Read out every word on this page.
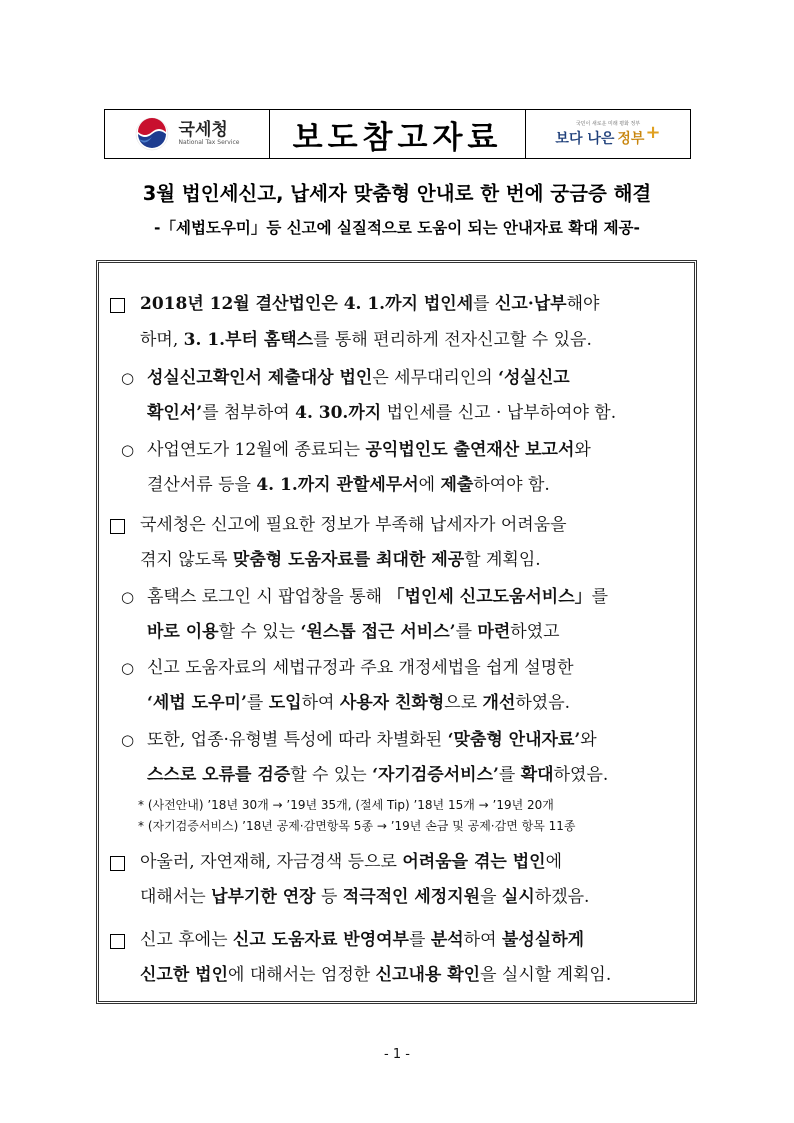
국세청
National Tax Service 보도참고자료	국민이 새로운 미래 평화 정부
보다 나은 정부 +
3월 법인세신고, 납세자 맞춤형 안내로 한 번에 궁금증 해결
-「세법도우미」등 신고에 실질적으로 도움이 되는 안내자료 확대 제공-
2018년 12월 결산법인은 4. 1.까지 법인세를 신고·납부해야
하며, 3. 1.부터 홈택스를 통해 편리하게 전자신고할 수 있음.
○ 성실신고확인서 제출대상 법인은 세무대리인의 ‘성실신고
확인서’를 첨부하여 4. 30.까지 법인세를 신고 · 납부하여야 함.
○ 사업연도가 12월에 종료되는 공익법인도 출연재산 보고서와
결산서류 등을 4. 1.까지 관할세무서에 제출하여야 함.
국세청은 신고에 필요한 정보가 부족해 납세자가 어려움을
겪지 않도록 맞춤형 도움자료를 최대한 제공할 계획임.
○ 홈택스 로그인 시 팝업창을 통해 「법인세 신고도움서비스」를
바로 이용할 수 있는 ‘원스톱 접근 서비스’를 마련하였고
○ 신고 도움자료의 세법규정과 주요 개정세법을 쉽게 설명한
‘세법 도우미’를 도입하여 사용자 친화형으로 개선하였음.
○ 또한, 업종·유형별 특성에 따라 차별화된 ‘맞춤형 안내자료’와
스스로 오류를 검증할 수 있는 ‘자기검증서비스’를 확대하였음.
* (사전안내) ’18년 30개 → ’19년 35개, (절세 Tip) ’18년 15개 → ’19년 20개
* (자기검증서비스) ’18년 공제·감면항목 5종 → ’19년 손금 및 공제·감면 항목 11종
아울러, 자연재해, 자금경색 등으로 어려움을 겪는 법인에
대해서는 납부기한 연장 등 적극적인 세정지원을 실시하겠음.
신고 후에는 신고 도움자료 반영여부를 분석하여 불성실하게
신고한 법인에 대해서는 엄정한 신고내용 확인을 실시할 계획임.
- 1 -
